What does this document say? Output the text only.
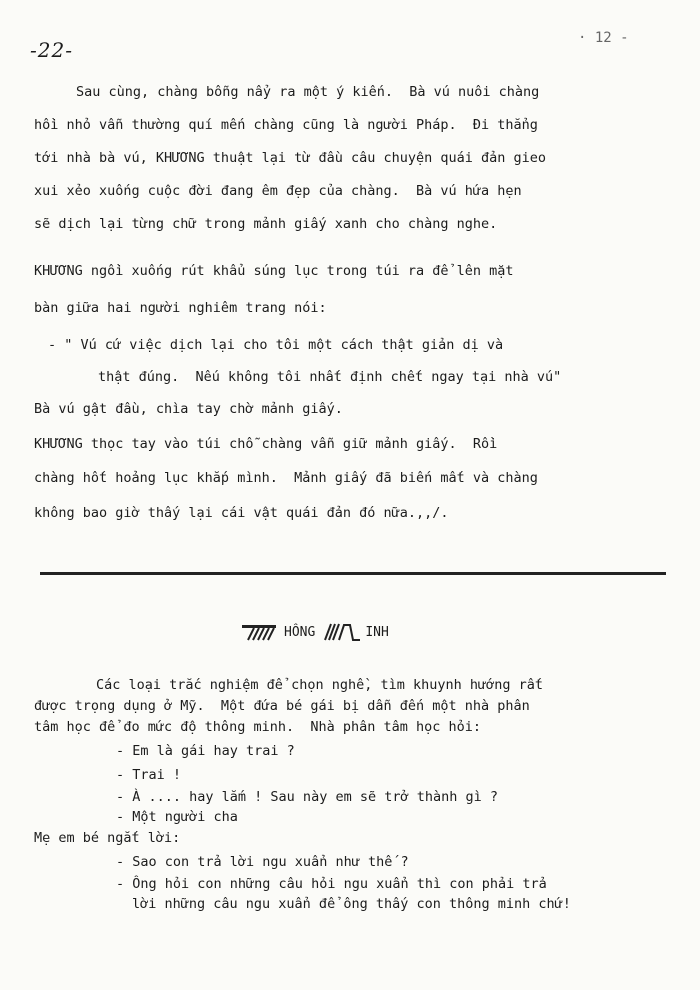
-22-	· 12 -
Sau cùng, chàng bỗng nẩy ra một ý kiến.  Bà vú nuôi chàng
hồi nhỏ vẫn thường quí mến chàng cũng là người Pháp.  Đi thẳng
tới nhà bà vú, KHƯƠNG thuật lại từ đầu câu chuyện quái đản gieo
xui xẻo xuống cuộc đời đang êm đẹp của chàng.  Bà vú hứa hẹn
sẽ dịch lại từng chữ trong mảnh giấy xanh cho chàng nghe.
KHƯƠNG ngồi xuống rút khẩu súng lục trong túi ra để lên mặt
bàn giữa hai người nghiêm trang nói:
- " Vú cứ việc dịch lại cho tôi một cách thật giản dị và
thật đúng.  Nếu không tôi nhất định chết ngay tại nhà vú"
Bà vú gật đầu, chìa tay chờ mảnh giấy.
KHƯƠNG thọc tay vào túi chỗ chàng vẫn giữ mảnh giấy.  Rồi
chàng hốt hoảng lục khắp mình.  Mảnh giấy đã biến mất và chàng
không bao giờ thấy lại cái vật quái đản đó nữa.,,/.
HÔNG	INH
Các loại trắc nghiệm để chọn nghề, tìm khuynh hướng rất
được trọng dụng ở Mỹ.  Một đứa bé gái bị dẫn đến một nhà phân
tâm học để đo mức độ thông minh.  Nhà phân tâm học hỏi:
- Em là gái hay trai ?
- Trai !
- À .... hay lắm ! Sau này em sẽ trở thành gì ?
- Một người cha
Mẹ em bé ngắt lời:
- Sao con trả lời ngu xuẩn như thế ?
- Ông hỏi con những câu hỏi ngu xuẩn thì con phải trả
lời những câu ngu xuẩn để ông thấy con thông minh chứ!
